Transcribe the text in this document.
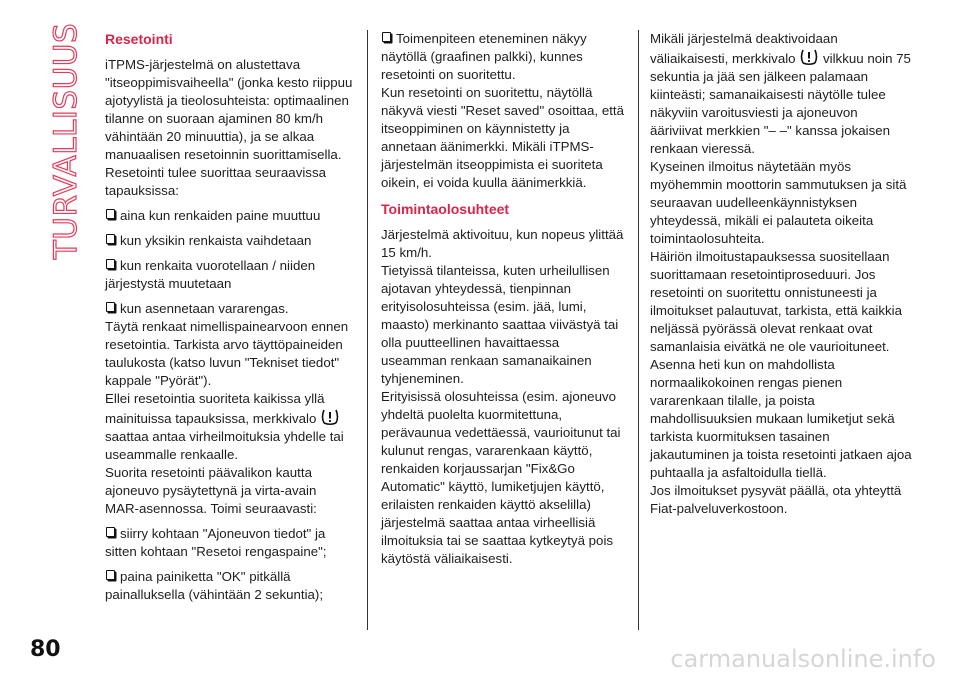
TURVALLISUUS Resetointi

iTPMS-järjestelmä on alustettava "itseoppimisvaiheella" (jonka kesto riippuu ajotyylistä ja tieolosuhteista: optimaalinen tilanne on suoraan ajaminen 80 km/h vähintään 20 minuuttia), ja se alkaa manuaalisen resetoinnin suorittamisella.

Resetointi tulee suorittaa seuraavissa tapauksissa:

aina kun renkaiden paine muuttuu

kun yksikin renkaista vaihdetaan

kun renkaita vuorotellaan / niiden järjestystä muutetaan

kun asennetaan vararengas.

Täytä renkaat nimellispainearvoon ennen resetointia. Tarkista arvo täyttöpaineiden taulukosta (katso luvun "Tekniset tiedot" kappale "Pyörät").

Ellei resetointia suoriteta kaikissa yllä mainituissa tapauksissa, merkkivalo  saattaa antaa virheilmoituksia yhdelle tai useammalle renkaalle.

Suorita resetointi päävalikon kautta ajoneuvo pysäytettynä ja virta-avain MAR-asennossa. Toimi seuraavasti:

siirry kohtaan "Ajoneuvon tiedot" ja sitten kohtaan "Resetoi rengaspaine";

paina painiketta "OK" pitkällä painalluksella (vähintään 2 sekuntia);

Toimenpiteen eteneminen näkyy näytöllä (graafinen palkki), kunnes resetointi on suoritettu.

Kun resetointi on suoritettu, näytöllä näkyvä viesti "Reset saved" osoittaa, että itseoppiminen on käynnistetty ja annetaan äänimerkki. Mikäli iTPMS-järjestelmän itseoppimista ei suoriteta oikein, ei voida kuulla äänimerkkiä.

Toimintaolosuhteet

Järjestelmä aktivoituu, kun nopeus ylittää 15 km/h.

Tietyissä tilanteissa, kuten urheilullisen ajotavan yhteydessä, tienpinnan erityisolosuhteissa (esim. jää, lumi, maasto) merkinanto saattaa viivästyä tai olla puutteellinen havaittaessa useamman renkaan samanaikainen tyhjeneminen.

Erityisissä olosuhteissa (esim. ajoneuvo yhdeltä puolelta kuormitettuna, perävaunua vedettäessä, vaurioitunut tai kulunut rengas, vararenkaan käyttö, renkaiden korjaussarjan "Fix&Go Automatic" käyttö, lumiketjujen käyttö, erilaisten renkaiden käyttö akselilla) järjestelmä saattaa antaa virheellisiä ilmoituksia tai se saattaa kytkeytyä pois käytöstä väliaikaisesti.

Mikäli järjestelmä deaktivoidaan väliaikaisesti, merkkivalo vilkkuu noin 75 sekuntia ja jää sen jälkeen palamaan kiinteästi; samanaikaisesti näytölle tulee näkyviin varoitusviesti ja ajoneuvon ääriviivat merkkien "– –" kanssa jokaisen renkaan vieressä.

Kyseinen ilmoitus näytetään myös myöhemmin moottorin sammutuksen ja sitä seuraavan uudelleenkäynnistyksen yhteydessä, mikäli ei palauteta oikeita toimintaolosuhteita.

Häiriön ilmoitustapauksessa suositellaan suorittamaan resetointiproseduuri. Jos resetointi on suoritettu onnistuneesti ja ilmoitukset palautuvat, tarkista, että kaikkia neljässä pyörässä olevat renkaat ovat samanlaisia eivätkä ne ole vaurioituneet.

Asenna heti kun on mahdollista normaalikokoinen rengas pienen vararenkaan tilalle, ja poista mahdollisuuksien mukaan lumiketjut sekä tarkista kuormituksen tasainen jakautuminen ja toista resetointi jatkaen ajoa puhtaalla ja asfaltoidulla tiellä.

Jos ilmoitukset pysyvät päällä, ota yhteyttä Fiat-palveluverkostoon.

80	carmanualsonline.info
